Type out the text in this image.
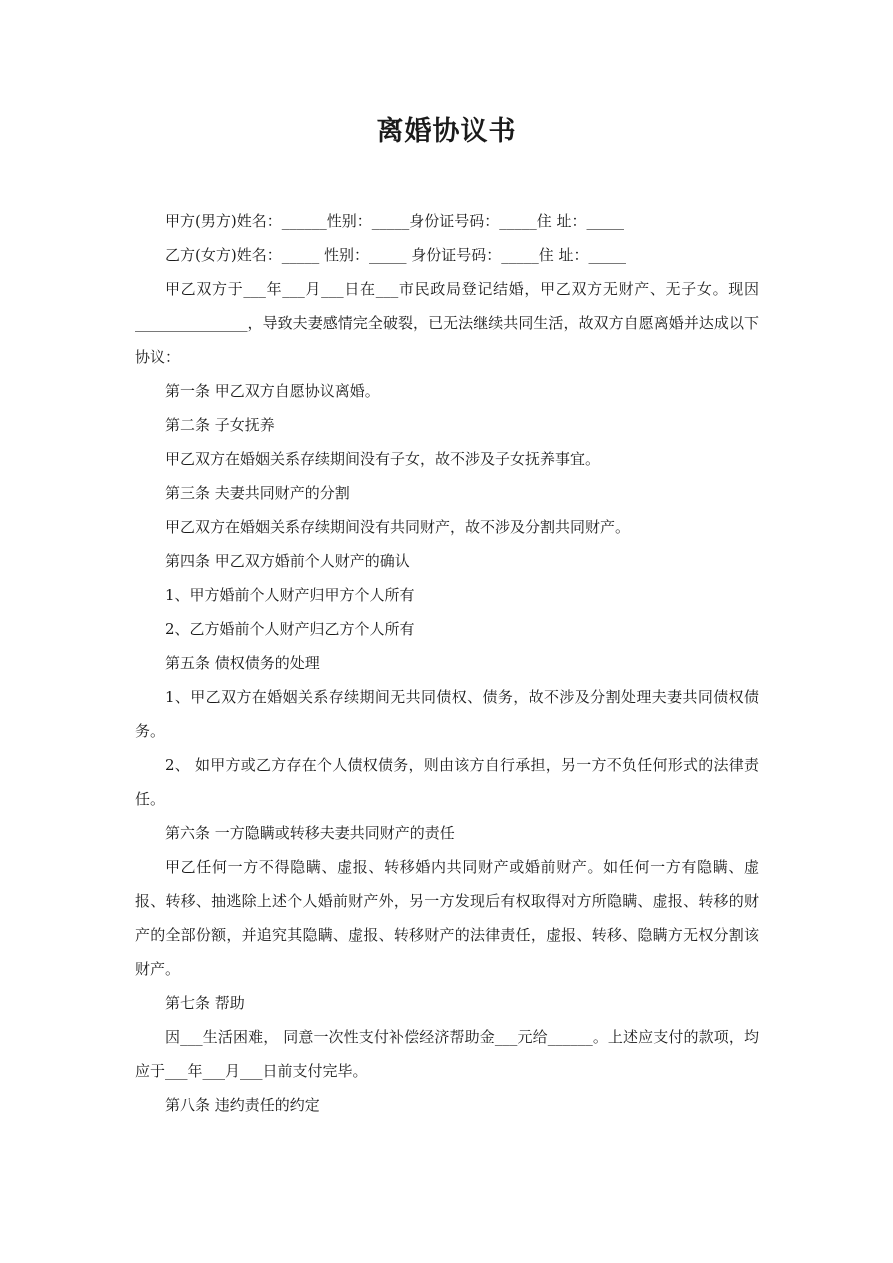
离婚协议书

甲方(男方)姓名：______性别：_____身份证号码：_____住 址：_____

乙方(女方)姓名：_____ 性别：_____ 身份证号码：_____住 址：_____

甲乙双方于___年___月___日在___市民政局登记结婚，甲乙双方无财产、无子女。现因_______________，导致夫妻感情完全破裂，已无法继续共同生活，故双方自愿离婚并达成以下协议：

第一条 甲乙双方自愿协议离婚。

第二条 子女抚养

甲乙双方在婚姻关系存续期间没有子女，故不涉及子女抚养事宜。

第三条 夫妻共同财产的分割

甲乙双方在婚姻关系存续期间没有共同财产，故不涉及分割共同财产。

第四条 甲乙双方婚前个人财产的确认

1、甲方婚前个人财产归甲方个人所有

2、乙方婚前个人财产归乙方个人所有

第五条 债权债务的处理

1、甲乙双方在婚姻关系存续期间无共同债权、债务，故不涉及分割处理夫妻共同债权债务。

2、 如甲方或乙方存在个人债权债务，则由该方自行承担，另一方不负任何形式的法律责任。

第六条 一方隐瞒或转移夫妻共同财产的责任

甲乙任何一方不得隐瞒、虚报、转移婚内共同财产或婚前财产。如任何一方有隐瞒、虚报、转移、抽逃除上述个人婚前财产外，另一方发现后有权取得对方所隐瞒、虚报、转移的财产的全部份额，并追究其隐瞒、虚报、转移财产的法律责任，虚报、转移、隐瞒方无权分割该财产。

第七条 帮助

因___生活困难， 同意一次性支付补偿经济帮助金___元给______。上述应支付的款项，均应于___年___月___日前支付完毕。

第八条 违约责任的约定
